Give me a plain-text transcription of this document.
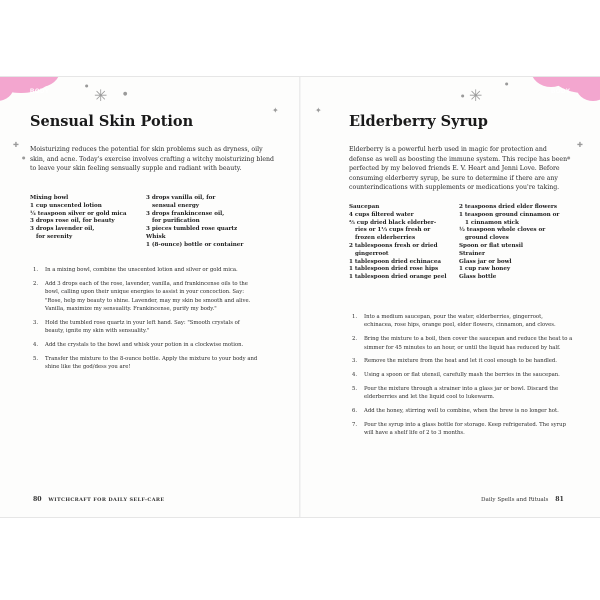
BODY	✳	●
●
✦
✚
●
Sensual Skin Potion

Moisturizing reduces the potential for skin problems such as dryness, oily skin, and acne. Today's exercise involves crafting a witchy moisturizing blend to leave your skin feeling sensually supple and radiant with beauty.

Mixing bowl
1 cup unscented lotion
¼ teaspoon silver or gold mica
3 drops rose oil, for beauty
3 drops lavender oil,
for serenity
3 drops vanilla oil, for
sensual energy
3 drops frankincense oil,
for purification
3 pieces tumbled rose quartz
Whisk
1 (8-ounce) bottle or container
1. In a mixing bowl, combine the unscented lotion and silver or gold mica.
2. Add 3 drops each of the rose, lavender, vanilla, and frankincense oils to the bowl, calling upon their unique energies to assist in your concoction. Say: "Rose, help my beauty to shine. Lavender, may my skin be smooth and alive. Vanilla, maximize my sensuality. Frankincense, purify my body."
3. Hold the tumbled rose quartz in your left hand. Say: "Smooth crystals of beauty, ignite my skin with sensuality."
4. Add the crystals to the bowl and whisk your potion in a clockwise motion.
5. Transfer the mixture to the 8-ounce bottle. Apply the mixture to your body and shine like the god/dess you are!
80 WITCHCRAFT FOR DAILY SELF-CARE
BODY
✳
●
●
✦
✚
●
Elderberry Syrup

Elderberry is a powerful herb used in magic for protection and defense as well as boosting the immune system. This recipe has been perfected by my beloved friends E. V. Heart and Jenni Love. Before consuming elderberry syrup, be sure to determine if there are any counterindications with supplements or medications you're taking.

Saucepan
4 cups filtered water
⅔ cup dried black elderber-
ries or 1⅓ cups fresh or
frozen elderberries
2 tablespoons fresh or dried
gingerroot
1 tablespoon dried echinacea
1 tablespoon dried rose hips
1 tablespoon dried orange peel
2 teaspoons dried elder flowers
1 teaspoon ground cinnamon or
1 cinnamon stick
½ teaspoon whole cloves or
ground cloves
Spoon or flat utensil
Strainer
Glass jar or bowl
1 cup raw honey
Glass bottle
1. Into a medium saucepan, pour the water, elderberries, gingerroot, echinacea, rose hips, orange peel, elder flowers, cinnamon, and cloves.
2. Bring the mixture to a boil, then cover the saucepan and reduce the heat to a simmer for 45 minutes to an hour, or until the liquid has reduced by half.
3. Remove the mixture from the heat and let it cool enough to be handled.
4. Using a spoon or flat utensil, carefully mash the berries in the saucepan.
5. Pour the mixture through a strainer into a glass jar or bowl. Discard the elderberries and let the liquid cool to lukewarm.
6. Add the honey, stirring well to combine, when the brew is no longer hot.
7. Pour the syrup into a glass bottle for storage. Keep refrigerated. The syrup will have a shelf life of 2 to 3 months.
Daily Spells and Rituals 81
